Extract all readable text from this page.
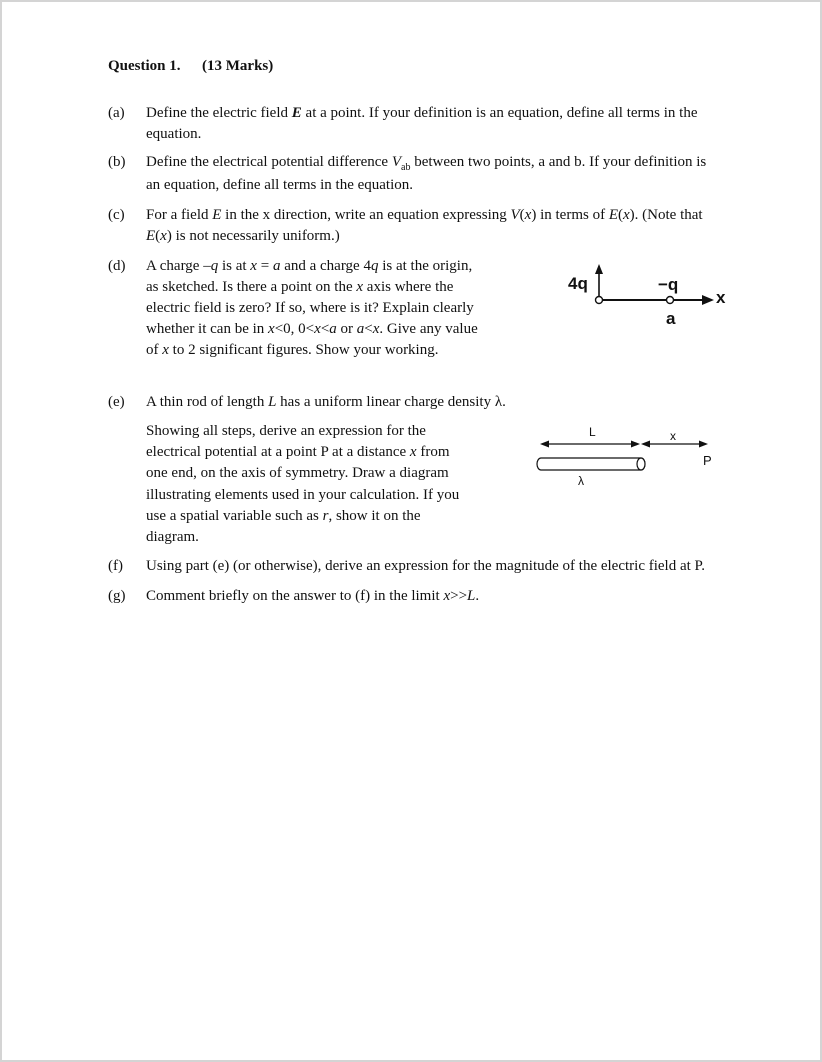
Question 1. (13 Marks)
(a) Define the electric field E at a point. If your definition is an equation, define all terms in the
equation.
(b) Define the electrical potential difference $V_{ab}$ between two points, a and b. If your definition is
an equation, define all terms in the equation.
(c) For a field E in the x direction, write an equation expressing V(x) in terms of E(x). (Note that
E(x) is not necessarily uniform.)
(d) A charge –q is at x = a and a charge 4q is at the origin,
as sketched. Is there a point on the x axis where the
electric field is zero? If so, where is it? Explain clearly
whether it can be in x<0, 0<x<a or a<x. Give any value
of x to 2 significant figures. Show your working.
4q	−q
x
a
(e) A thin rod of length L has a uniform linear charge density λ.
Showing all steps, derive an expression for the
electrical potential at a point P at a distance x from
one end, on the axis of symmetry. Draw a diagram
illustrating elements used in your calculation. If you
use a spatial variable such as r, show it on the
diagram.
L	x
P
λ
(f) Using part (e) (or otherwise), derive an expression for the magnitude of the electric field at P.
(g) Comment briefly on the answer to (f) in the limit x>>L.
